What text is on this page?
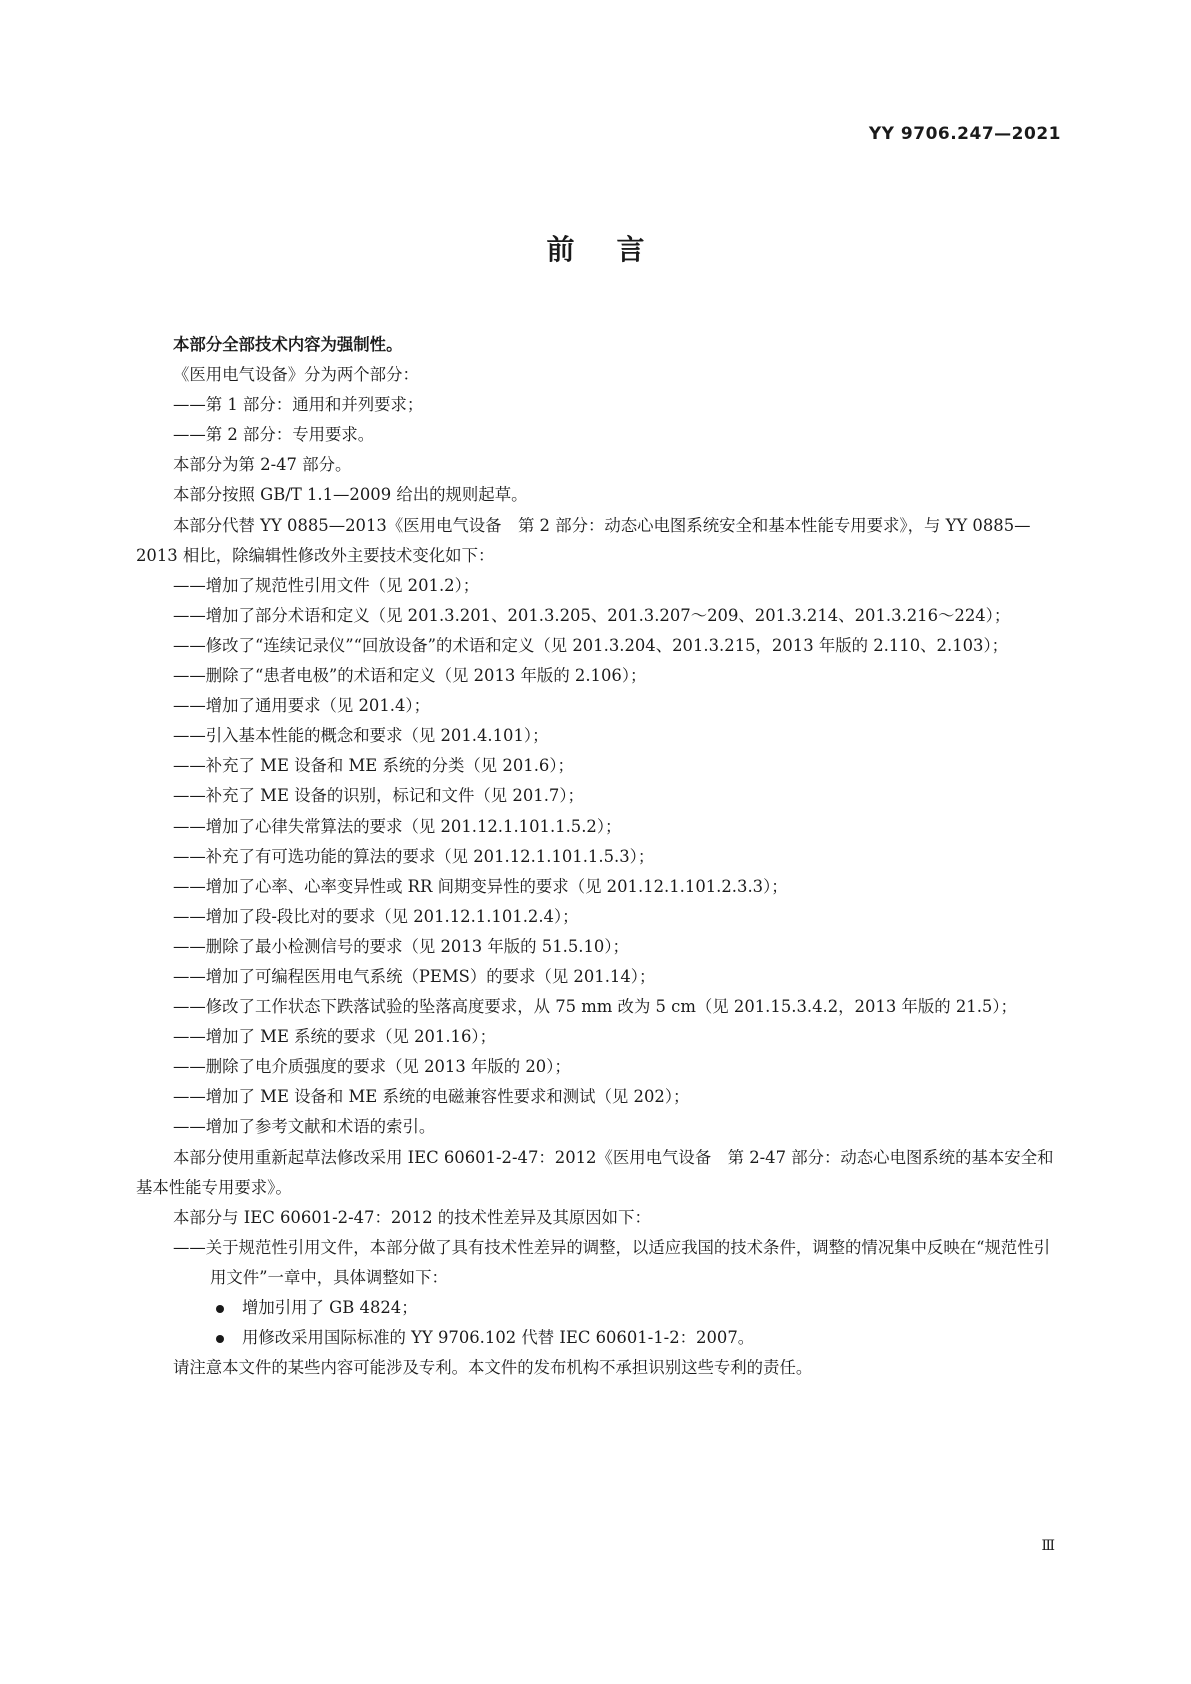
YY 9706.247—2021
前言

本部分全部技术内容为强制性。

《医用电气设备》分为两个部分：

——第 1 部分：通用和并列要求；

——第 2 部分：专用要求。

本部分为第 2-47 部分。

本部分按照 GB/T 1.1—2009 给出的规则起草。

本部分代替 YY 0885—2013《医用电气设备　第 2 部分：动态心电图系统安全和基本性能专用要求》，与 YY 0885—2013 相比，除编辑性修改外主要技术变化如下：

——增加了规范性引用文件（见 201.2）；

——增加了部分术语和定义（见 201.3.201、201.3.205、201.3.207～209、201.3.214、201.3.216～224）；

——修改了“连续记录仪”“回放设备”的术语和定义（见 201.3.204、201.3.215，2013 年版的 2.110、2.103）；

——删除了“患者电极”的术语和定义（见 2013 年版的 2.106）；

——增加了通用要求（见 201.4）；

——引入基本性能的概念和要求（见 201.4.101）；

——补充了 ME 设备和 ME 系统的分类（见 201.6）；

——补充了 ME 设备的识别，标记和文件（见 201.7）；

——增加了心律失常算法的要求（见 201.12.1.101.1.5.2）；

——补充了有可选功能的算法的要求（见 201.12.1.101.1.5.3）；

——增加了心率、心率变异性或 RR 间期变异性的要求（见 201.12.1.101.2.3.3）；

——增加了段-段比对的要求（见 201.12.1.101.2.4）；

——删除了最小检测信号的要求（见 2013 年版的 51.5.10）；

——增加了可编程医用电气系统（PEMS）的要求（见 201.14）；

——修改了工作状态下跌落试验的坠落高度要求，从 75 mm 改为 5 cm（见 201.15.3.4.2，2013 年版的 21.5）；

——增加了 ME 系统的要求（见 201.16）；

——删除了电介质强度的要求（见 2013 年版的 20）；

——增加了 ME 设备和 ME 系统的电磁兼容性要求和测试（见 202）；

——增加了参考文献和术语的索引。

本部分使用重新起草法修改采用 IEC 60601-2-47：2012《医用电气设备　第 2-47 部分：动态心电图系统的基本安全和基本性能专用要求》。

本部分与 IEC 60601-2-47：2012 的技术性差异及其原因如下：

——关于规范性引用文件，本部分做了具有技术性差异的调整，以适应我国的技术条件，调整的情况集中反映在“规范性引用文件”一章中，具体调整如下：

增加引用了 GB 4824；

用修改采用国际标准的 YY 9706.102 代替 IEC 60601-1-2：2007。

请注意本文件的某些内容可能涉及专利。本文件的发布机构不承担识别这些专利的责任。

Ⅲ
